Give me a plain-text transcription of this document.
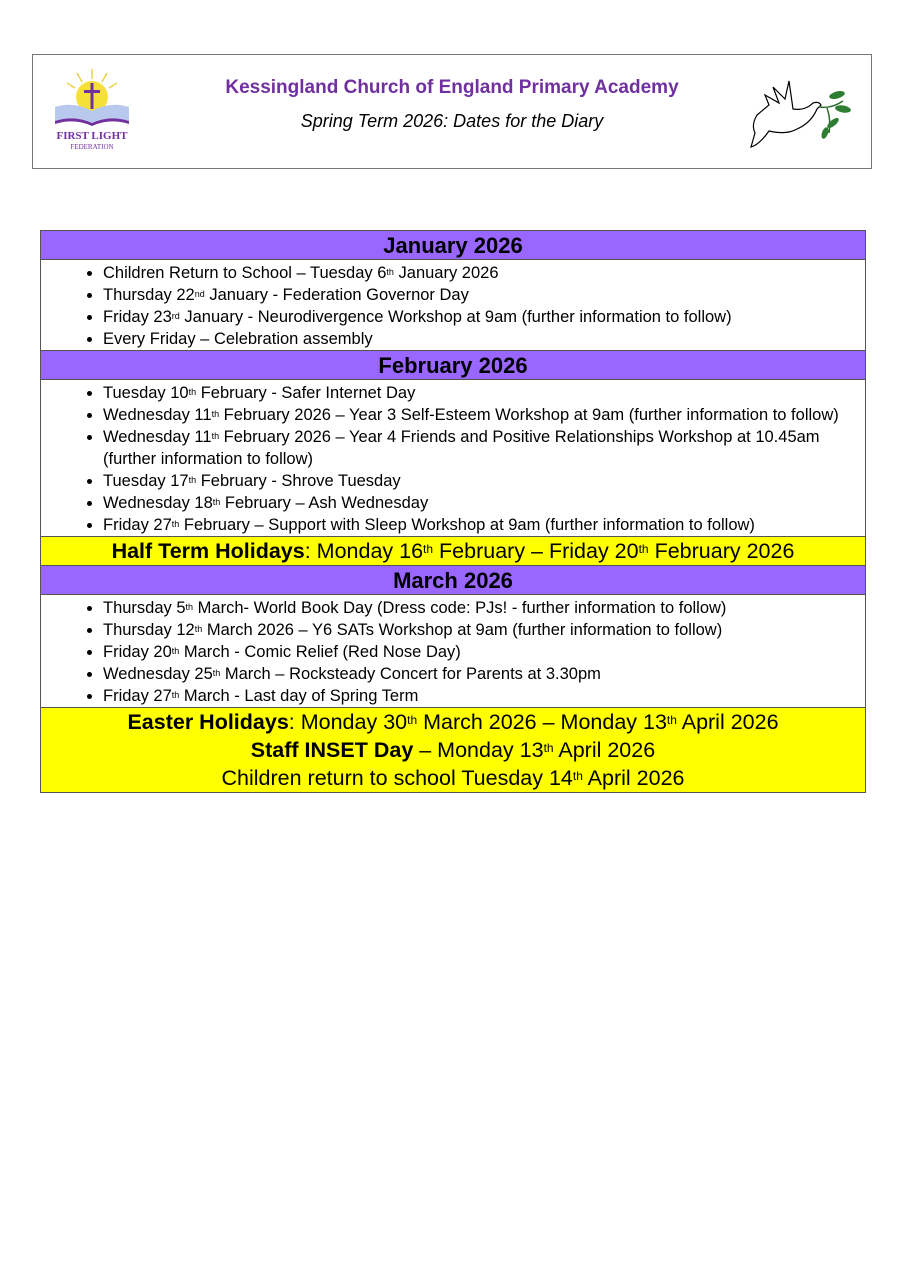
FIRST LIGHT
FEDERATION
Kessingland Church of England Primary Academy
Spring Term 2026: Dates for the Diary
January 2026
• Children Return to School – Tuesday 6th January 2026
• Thursday 22nd January - Federation Governor Day
• Friday 23rd January - Neurodivergence Workshop at 9am (further information to follow)
• Every Friday – Celebration assembly
February 2026
• Tuesday 10th February - Safer Internet Day
• Wednesday 11th February 2026 – Year 3 Self-Esteem Workshop at 9am (further information to follow)
• Wednesday 11th February 2026 – Year 4 Friends and Positive Relationships Workshop at 10.45am (further information to follow)
• Tuesday 17th February - Shrove Tuesday
• Wednesday 18th February – Ash Wednesday
• Friday 27th February – Support with Sleep Workshop at 9am (further information to follow)
Half Term Holidays: Monday 16th February – Friday 20th February 2026
March 2026
• Thursday 5th March- World Book Day (Dress code: PJs! - further information to follow)
• Thursday 12th March 2026 – Y6 SATs Workshop at 9am (further information to follow)
• Friday 20th March - Comic Relief (Red Nose Day)
• Wednesday 25th March – Rocksteady Concert for Parents at 3.30pm
• Friday 27th March - Last day of Spring Term
Easter Holidays: Monday 30th March 2026 – Monday 13th April 2026
Staff INSET Day – Monday 13th April 2026
Children return to school Tuesday 14th April 2026
